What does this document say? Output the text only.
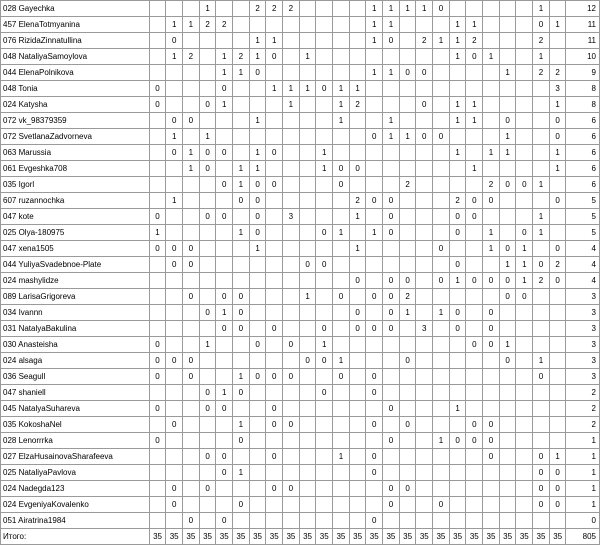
028 Gayechka				1			2	2	2					1	1	1	1	0						1		12
457 ElenaTotmyanina		1	1	2	2									1	1				1	1				0	1	11
076 RizidaZinnatullina		0					1	1						1	0		2	1	1	2				2		11
048 NataliyaSamoylova		1	2		1	2	1	0		1									1	0	1			1		10
044 ElenaPolnikova					1	1	0							1	1	0	0					1		2	2	9
048 Tonia	0				0			1	1	1	0	1	1												3	8
024 Katysha	0			0	1				1			1	2				0		1	1					1	8
072 vk_98379359		0	0				1					1			1				1	1		0			0	6
072 SvetlanaZadvorneva		1		1										0	1	1	0	0				1			0	6
063 Marussia		0	1	0	0		1	0			1								1		1	1			1	6
061 Evgeshka708			1	0		1	1				1	0	0							1					1	6
035 Igorl					0	1	0	0				0				2					2	0	0	1		6
607 ruzannochka		1				0	0						2	0	0				2	0	0				0	5
047 kote	0			0	0		0		3				1		0				0	0				1		5
025 Olya-180975	1					1	0				0	1		1	0				0		1		0	1		5
047 xena1505	0	0	0				1						1					0			1	0	1		0	4
044 YuliyaSvadebnoe-Plate		0	0							0	0								0			1	1	0	2	4
024 mashylidze													0		0	0		0	1	0	0	0	1	2	0	4
089 LarisaGrigoreva			0		0	0				1		0		0	0	2						0	0			3
034 Ivannn				0	1	0							0		0	1		1	0		0					3
031 NatalyaBakulina					0	0		0			0		0	0	0		3		0		0					3
030 Anasteisha	0			1			0		0		1									0	0	1				3
024 alsaga	0	0	0							0	0	1				0						0		1		3
036 Seagull	0		0			1	0	0	0			0		0										0		3
047 shaniell				0	1	0					0			0												2
045 NatalyaSuhareva	0			0	0			0							0				1							2
035 KokoshaNel		0				1		0	0					0		0				0	0					2
028 Lenorrrka	0					0									0			1	0	0	0					1
027 ElzaHusainovaSharafeeva				0	0			0				1		0							0			0	1	1
025 NataliyaPavlova					0	1								0										0	0	1
024 Nadegda123		0		0				0	0						0	0								0	0	1
024 EvgeniyaKovalenko		0				0									0			0						0	0	1
051 Airatrina1984			0		0									0												0
Итого:	35	35	35	35	35	35	35	35	35	35	35	35	35	35	35	35	35	35	35	35	35	35	35	35	35	805
